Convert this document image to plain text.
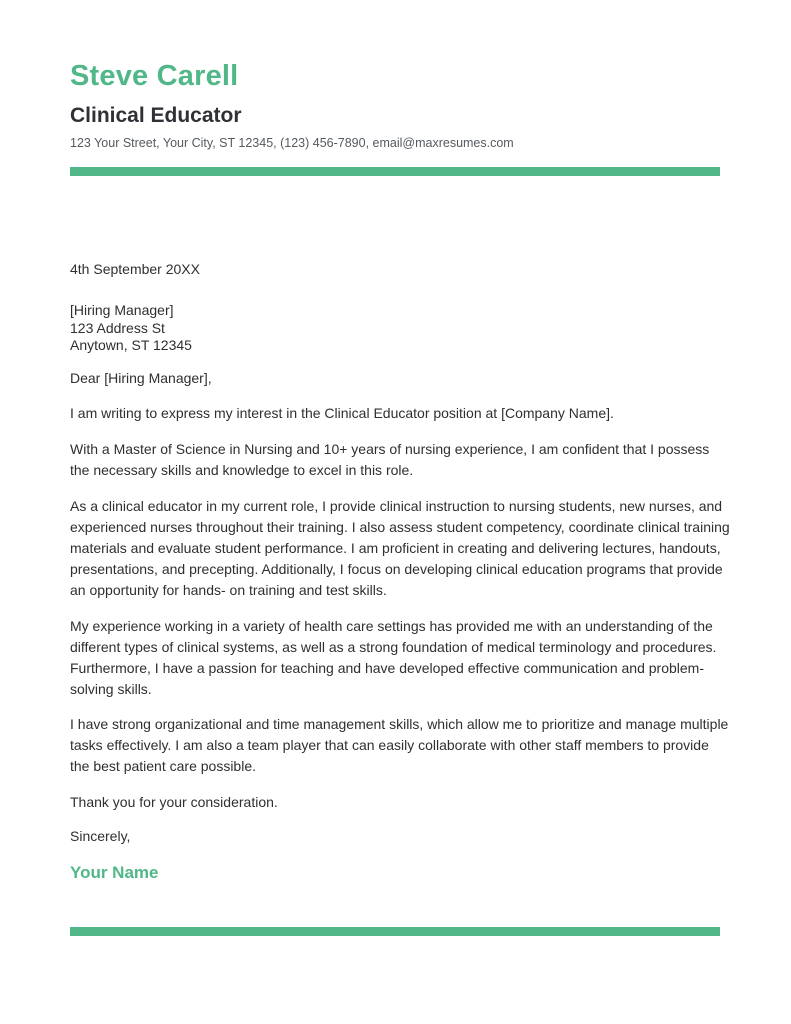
Steve Carell
Clinical Educator
123 Your Street, Your City, ST 12345, (123) 456-7890, email@maxresumes.com
4th September 20XX
[Hiring Manager]
123 Address St
Anytown, ST 12345
Dear [Hiring Manager],

I am writing to express my interest in the Clinical Educator position at [Company Name].

With a Master of Science in Nursing and 10+ years of nursing experience, I am confident that I possess the necessary skills and knowledge to excel in this role.

As a clinical educator in my current role, I provide clinical instruction to nursing students, new nurses, and experienced nurses throughout their training. I also assess student competency, coordinate clinical training materials and evaluate student performance. I am proficient in creating and delivering lectures, handouts, presentations, and precepting. Additionally, I focus on developing clinical education programs that provide an opportunity for hands- on training and test skills.

My experience working in a variety of health care settings has provided me with an understanding of the different types of clinical systems, as well as a strong foundation of medical terminology and procedures. Furthermore, I have a passion for teaching and have developed effective communication and problem-solving skills.

I have strong organizational and time management skills, which allow me to prioritize and manage multiple tasks effectively. I am also a team player that can easily collaborate with other staff members to provide the best patient care possible.

Thank you for your consideration.
Sincerely,
Your Name
